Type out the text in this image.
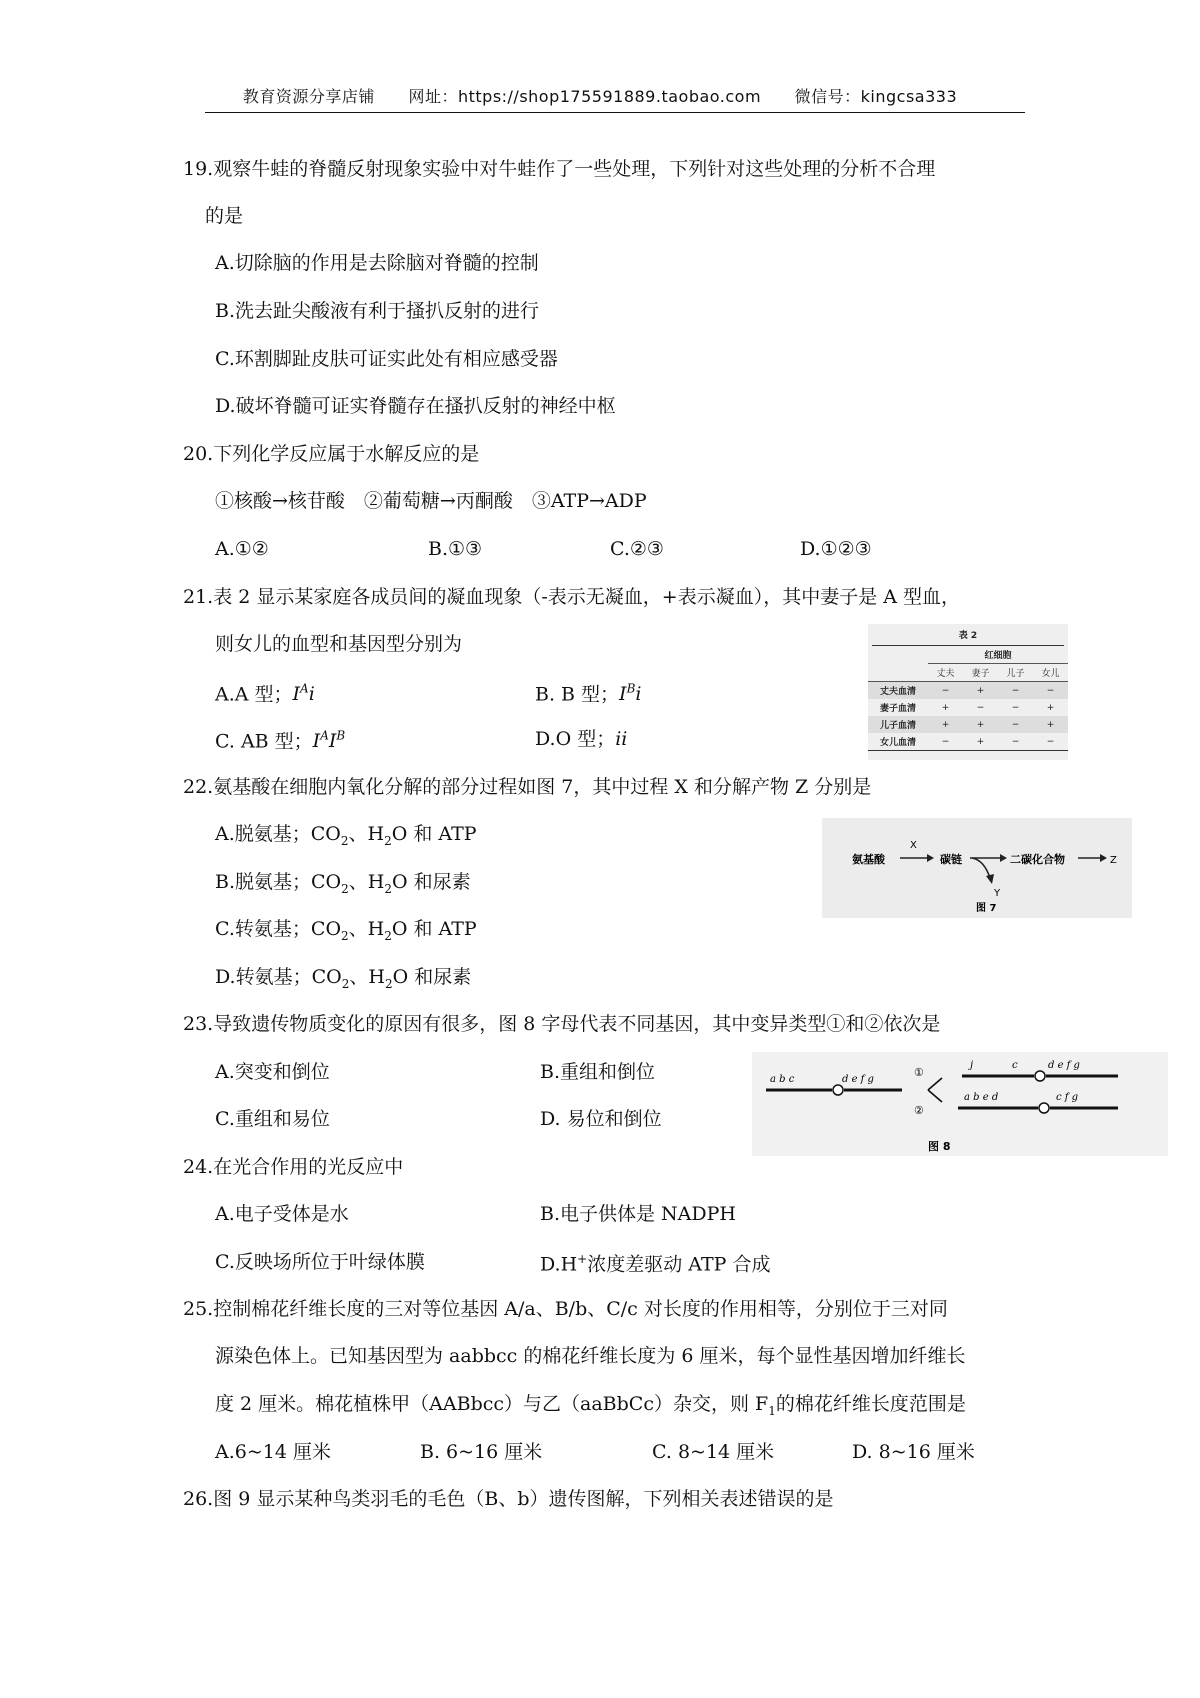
教育资源分享店铺 网址：https://shop175591889.taobao.com 微信号：kingcsa333
19.观察牛蛙的脊髓反射现象实验中对牛蛙作了一些处理，下列针对这些处理的分析不合理
的是
A.切除脑的作用是去除脑对脊髓的控制
B.洗去趾尖酸液有利于搔扒反射的进行
C.环割脚趾皮肤可证实此处有相应感受器
D.破坏脊髓可证实脊髓存在搔扒反射的神经中枢
20.下列化学反应属于水解反应的是
①核酸→核苷酸　②葡萄糖→丙酮酸　③ATP→ADP
A.①②	B.①③	C.②③	D.①②③
21.表 2 显示某家庭各成员间的凝血现象（-表示无凝血，+表示凝血），其中妻子是 A 型血，
则女儿的血型和基因型分别为
A.A 型；$I^Ai$	B. B 型；$I^Bi$
C. AB 型；$I^AI^B$	D.O 型；ii
表 2
	红细胞			
	丈夫	妻子	儿子	女儿
丈夫血清	−	+	−	−
妻子血清	+	−	−	+
儿子血清	+	+	−	+
女儿血清	−	+	−	−
22.氨基酸在细胞内氧化分解的部分过程如图 7，其中过程 X 和分解产物 Z 分别是
A.脱氨基；$CO_2$、$H_2O$ 和 ATP
B.脱氨基；$CO_2$、$H_2O$ 和尿素
C.转氨基；$CO_2$、$H_2O$ 和 ATP
D.转氨基；$CO_2$、$H_2O$ 和尿素
氨基酸
X
碳链
Y
二碳化合物	Z
图 7
23.导致遗传物质变化的原因有很多，图 8 字母代表不同基因，其中变异类型①和②依次是
A.突变和倒位	B.重组和倒位
C.重组和易位	D. 易位和倒位
a b c	d e f g
①
②
j	c	d e f g
a b e d	c f g
图 8
24.在光合作用的光反应中
A.电子受体是水	B.电子供体是 NADPH
C.反映场所位于叶绿体膜	D.H+浓度差驱动 ATP 合成
25.控制棉花纤维长度的三对等位基因 A/a、B/b、C/c 对长度的作用相等，分别位于三对同
源染色体上。已知基因型为 aabbcc 的棉花纤维长度为 6 厘米，每个显性基因增加纤维长
度 2 厘米。棉花植株甲（AABbcc）与乙（aaBbCc）杂交，则 $F_1$的棉花纤维长度范围是
A.6~14 厘米	B. 6~16 厘米	C. 8~14 厘米	D. 8~16 厘米
26.图 9 显示某种鸟类羽毛的毛色（B、b）遗传图解，下列相关表述错误的是
